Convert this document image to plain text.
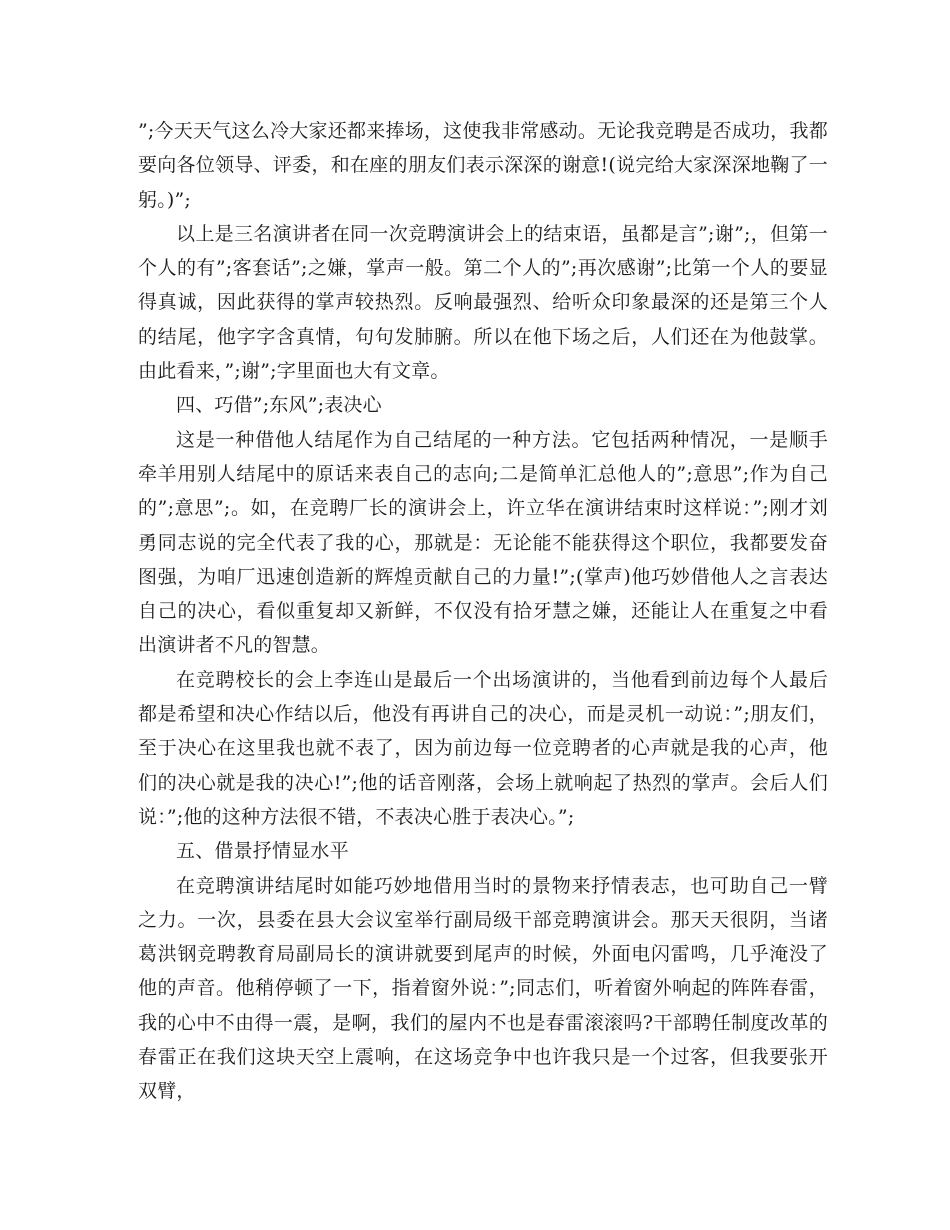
”;今天天气这么冷大家还都来捧场，这使我非常感动。无论我竞聘是否成功，我都要向各位领导、评委，和在座的朋友们表示深深的谢意!(说完给大家深深地鞠了一躬。)”;

以上是三名演讲者在同一次竞聘演讲会上的结束语，虽都是言”;谢”;，但第一个人的有”;客套话”;之嫌，掌声一般。第二个人的”;再次感谢”;比第一个人的要显得真诚，因此获得的掌声较热烈。反响最强烈、给听众印象最深的还是第三个人的结尾，他字字含真情，句句发肺腑。所以在他下场之后，人们还在为他鼓掌。由此看来，”;谢”;字里面也大有文章。

四、巧借”;东风”;表决心

这是一种借他人结尾作为自己结尾的一种方法。它包括两种情况，一是顺手牵羊用别人结尾中的原话来表自己的志向;二是简单汇总他人的”;意思”;作为自己的”;意思”;。如，在竞聘厂长的演讲会上，许立华在演讲结束时这样说：”;刚才刘勇同志说的完全代表了我的心，那就是：无论能不能获得这个职位，我都要发奋图强，为咱厂迅速创造新的辉煌贡献自己的力量!”;(掌声)他巧妙借他人之言表达自己的决心，看似重复却又新鲜，不仅没有拾牙慧之嫌，还能让人在重复之中看出演讲者不凡的智慧。

在竞聘校长的会上李连山是最后一个出场演讲的，当他看到前边每个人最后都是希望和决心作结以后，他没有再讲自己的决心，而是灵机一动说：”;朋友们，至于决心在这里我也就不表了，因为前边每一位竞聘者的心声就是我的心声，他们的决心就是我的决心!”;他的话音刚落，会场上就响起了热烈的掌声。会后人们说：”;他的这种方法很不错，不表决心胜于表决心。”;

五、借景抒情显水平

在竞聘演讲结尾时如能巧妙地借用当时的景物来抒情表志，也可助自己一臂之力。一次，县委在县大会议室举行副局级干部竞聘演讲会。那天天很阴，当诸葛洪钢竞聘教育局副局长的演讲就要到尾声的时候，外面电闪雷鸣，几乎淹没了他的声音。他稍停顿了一下，指着窗外说：”;同志们，听着窗外响起的阵阵春雷，我的心中不由得一震，是啊，我们的屋内不也是春雷滚滚吗?干部聘任制度改革的春雷正在我们这块天空上震响，在这场竞争中也许我只是一个过客，但我要张开双臂，
